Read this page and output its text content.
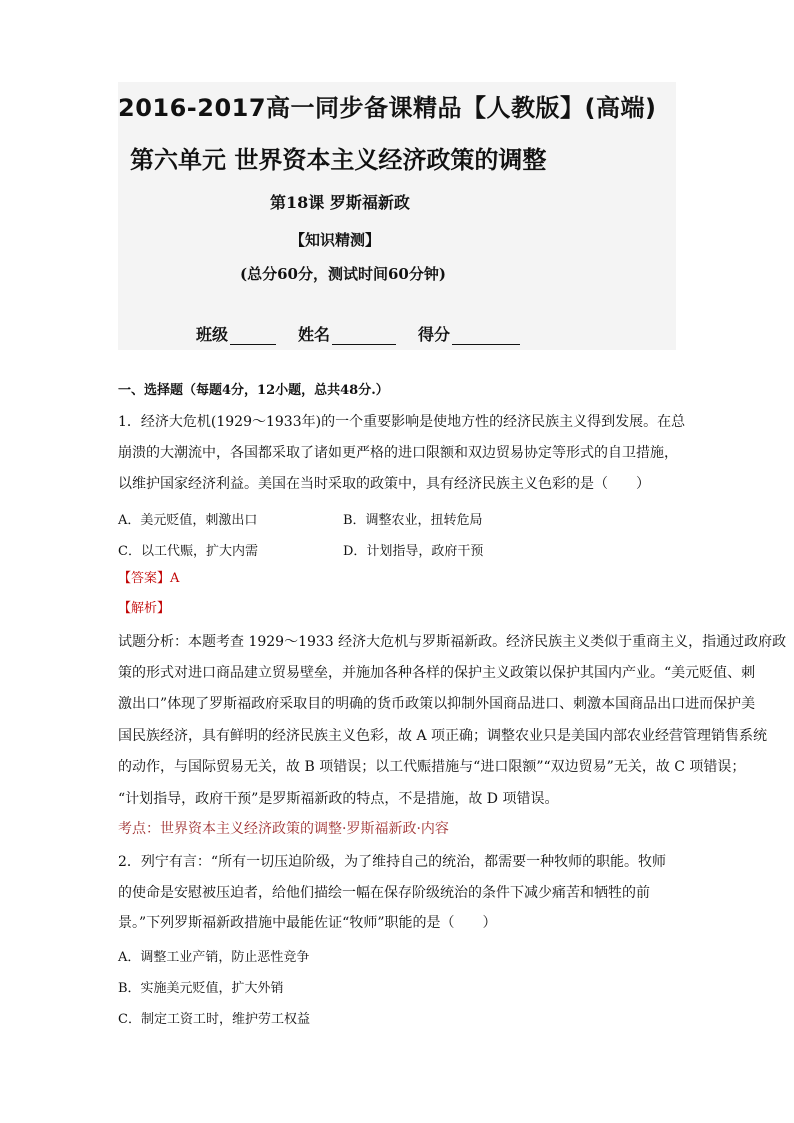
2016-2017高一同步备课精品【人教版】(高端)
第六单元 世界资本主义经济政策的调整
第18课 罗斯福新政
【知识精测】
(总分60分，测试时间60分钟)
班级	姓名	得分
一、选择题（每题4分，12小题，总共48分.）
1．经济大危机(1929～1933年)的一个重要影响是使地方性的经济民族主义得到发展。在总
崩溃的大潮流中，各国都采取了诸如更严格的进口限额和双边贸易协定等形式的自卫措施，
以维护国家经济利益。美国在当时采取的政策中，具有经济民族主义色彩的是（　　）
A．美元贬值，刺激出口	B．调整农业，扭转危局
C．以工代赈，扩大内需	D．计划指导，政府干预
【答案】A
【解析】
试题分析：本题考查 1929～1933 经济大危机与罗斯福新政。经济民族主义类似于重商主义，指通过政府政
策的形式对进口商品建立贸易壁垒，并施加各种各样的保护主义政策以保护其国内产业。“美元贬值、刺
激出口”体现了罗斯福政府采取目的明确的货币政策以抑制外国商品进口、刺激本国商品出口进而保护美
国民族经济，具有鲜明的经济民族主义色彩，故 A 项正确；调整农业只是美国内部农业经营管理销售系统
的动作，与国际贸易无关，故 B 项错误；以工代赈措施与“进口限额”“双边贸易”无关，故 C 项错误；
“计划指导，政府干预”是罗斯福新政的特点，不是措施，故 D 项错误。
考点：世界资本主义经济政策的调整·罗斯福新政·内容
2．列宁有言：“所有一切压迫阶级，为了维持自己的统治，都需要一种牧师的职能。牧师
的使命是安慰被压迫者，给他们描绘一幅在保存阶级统治的条件下减少痛苦和牺牲的前
景。”下列罗斯福新政措施中最能佐证“牧师”职能的是（　　）
A．调整工业产销，防止恶性竞争
B．实施美元贬值，扩大外销
C．制定工资工时，维护劳工权益
